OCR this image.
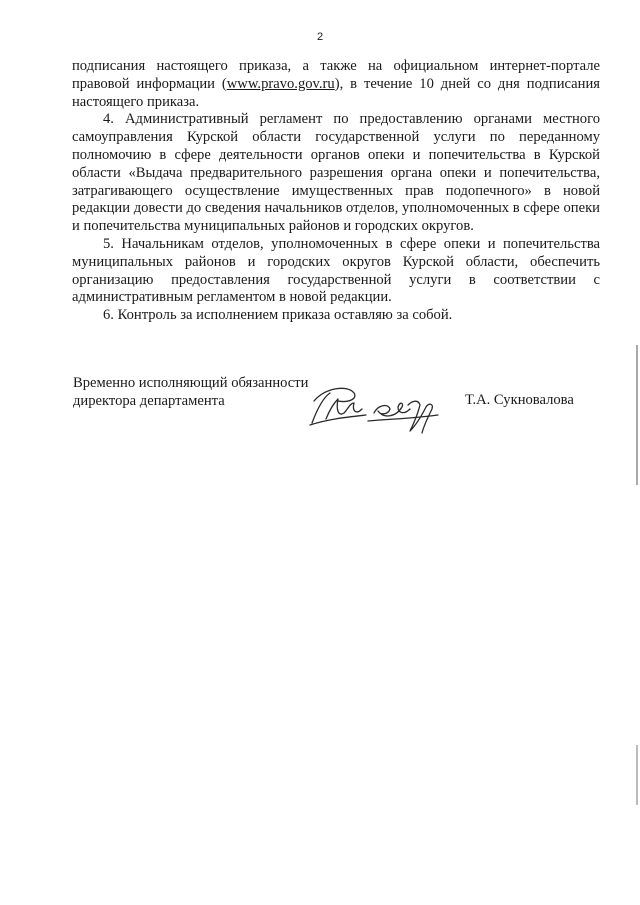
2

подписания настоящего приказа, а также на официальном интернет-портале правовой информации (www.pravo.gov.ru), в течение 10 дней со дня подписания настоящего приказа.

4. Административный регламент по предоставлению органами местного самоуправления Курской области государственной услуги по переданному полномочию в сфере деятельности органов опеки и попечительства в Курской области «Выдача предварительного разрешения органа опеки и попечительства, затрагивающего осуществление имущественных прав подопечного» в новой редакции довести до сведения начальников отделов, уполномоченных в сфере опеки и попечительства муниципальных районов и городских округов.

5. Начальникам отделов, уполномоченных в сфере опеки и попечительства муниципальных районов и городских округов Курской области, обеспечить организацию предоставления государственной услуги в соответствии с административным регламентом в новой редакции.

6. Контроль за исполнением приказа оставляю за собой.

Временно исполняющий обязанности
директора департамента	Т.А. Сукновалова
